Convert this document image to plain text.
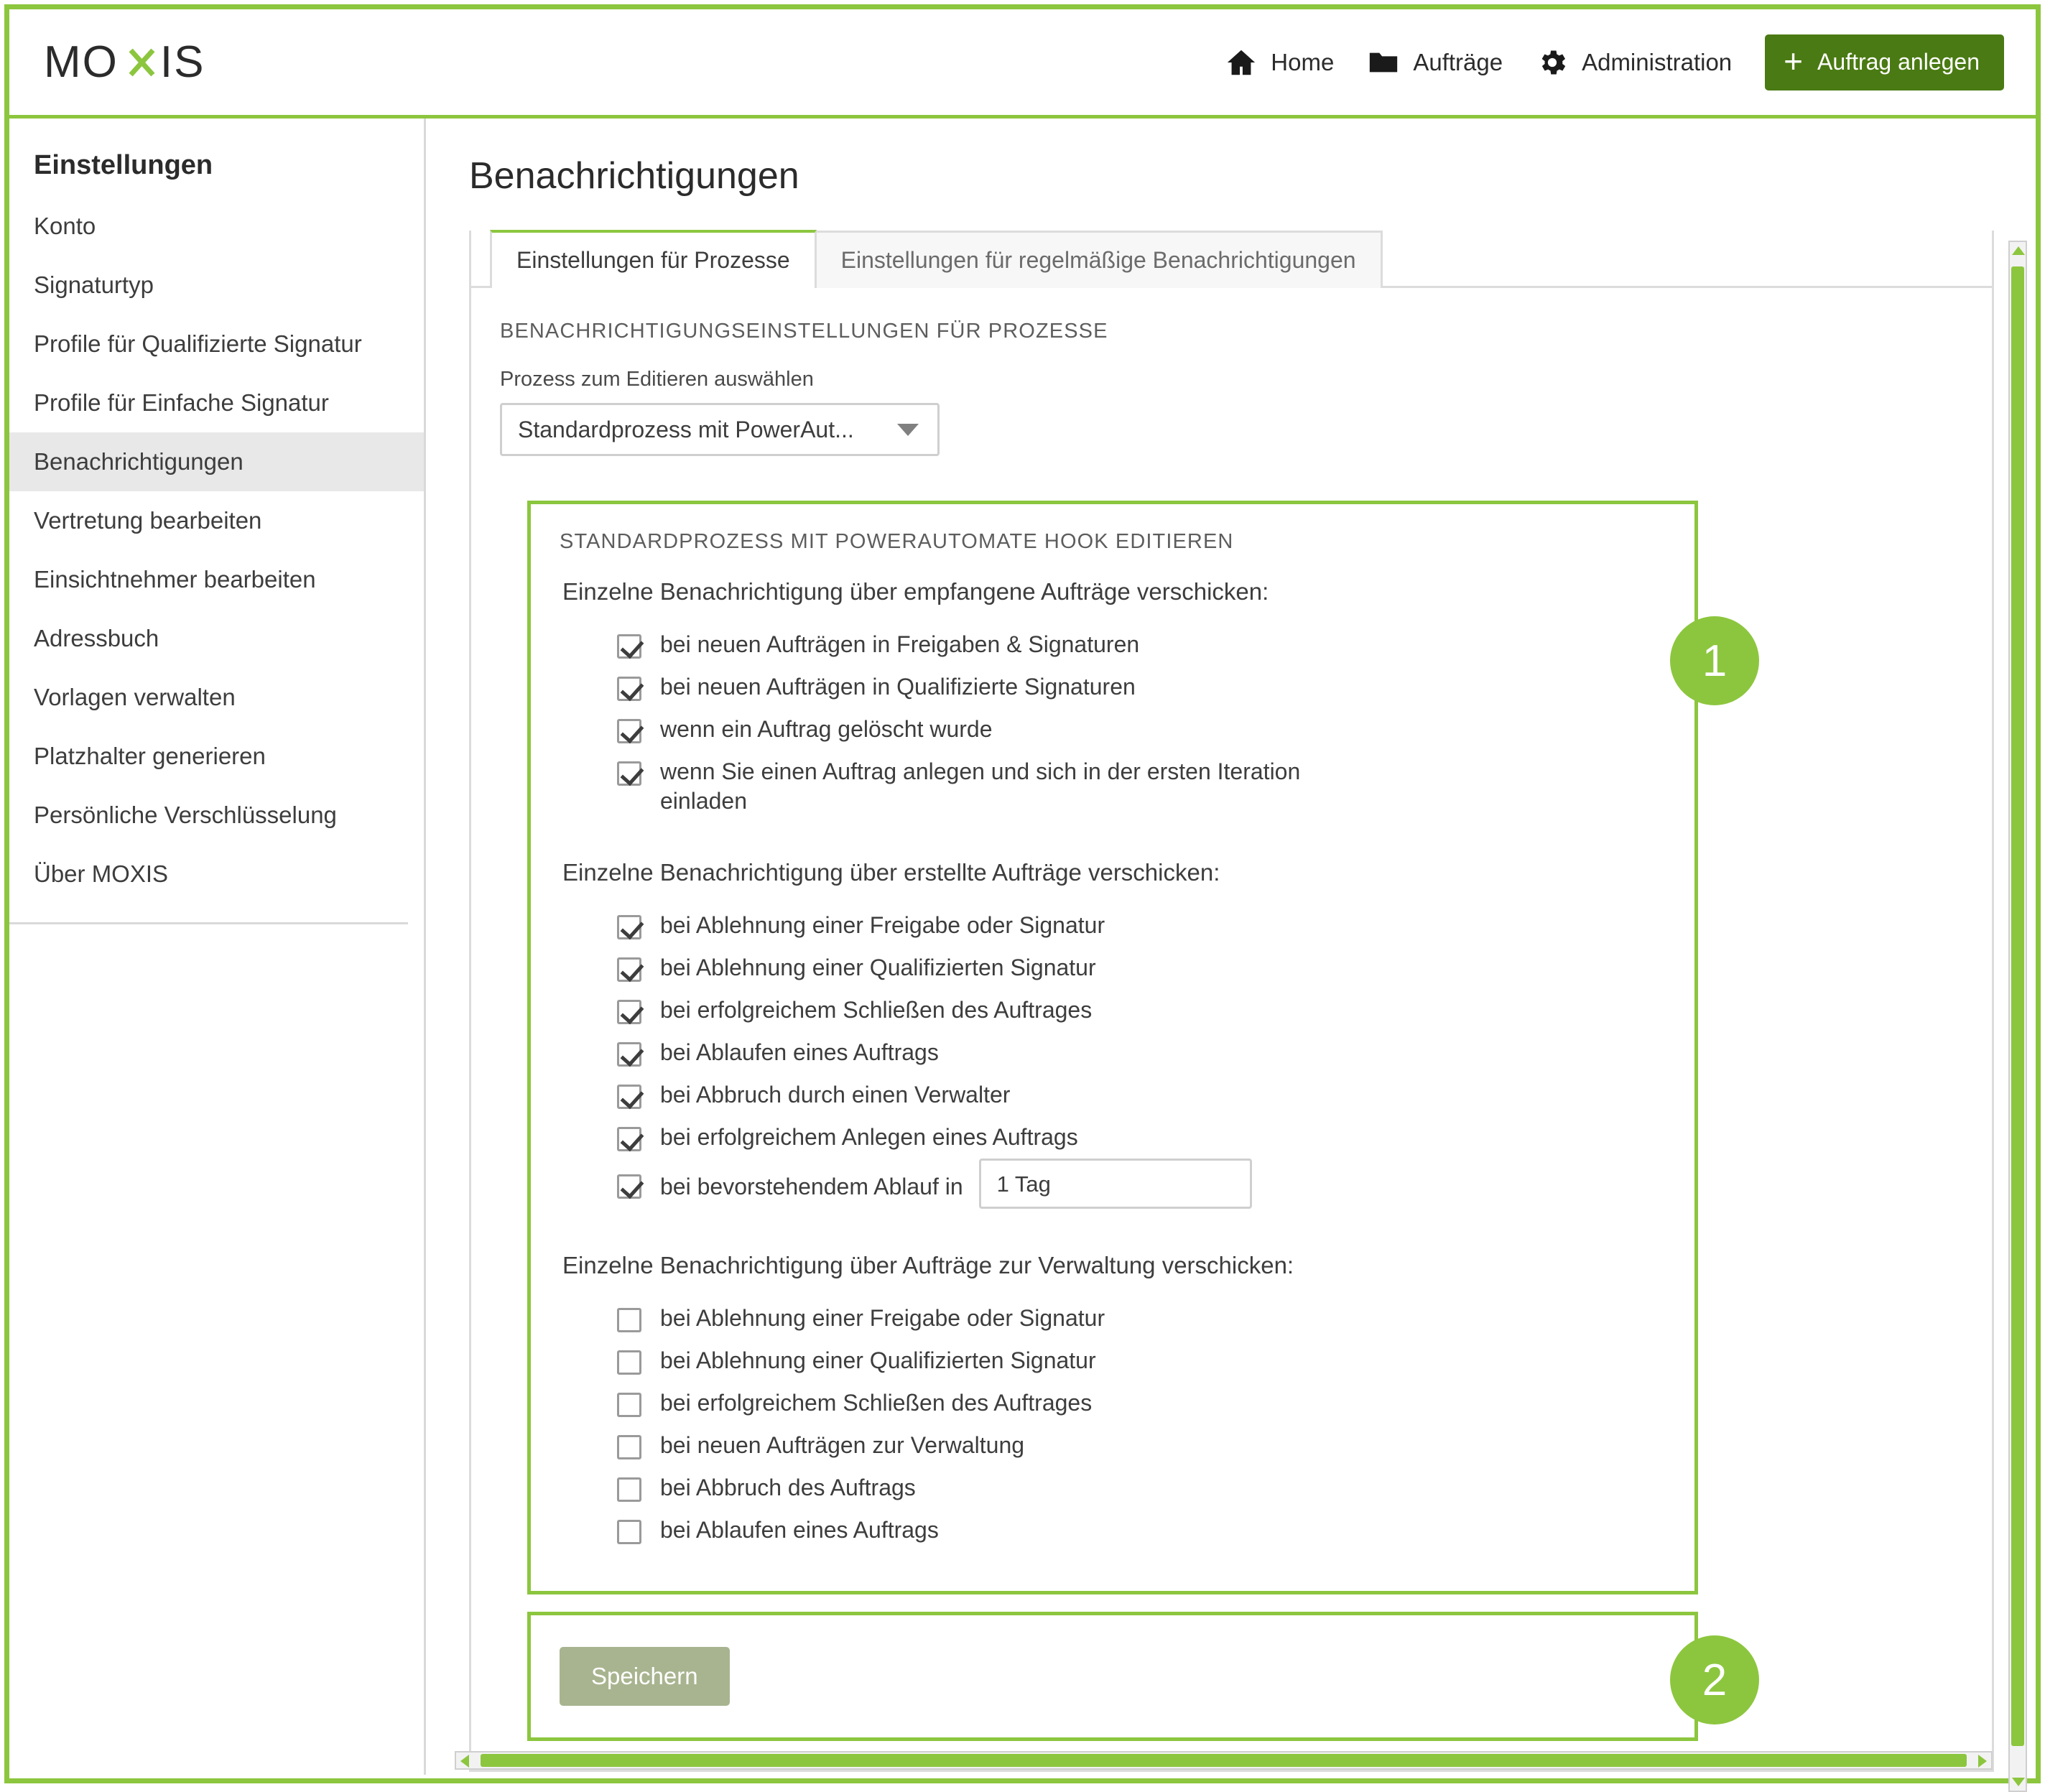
MO IS	Home	Aufträge	Administration + Auftrag anlegen
Einstellungen
Konto
Signaturtyp
Profile für Qualifizierte Signatur
Profile für Einfache Signatur
Benachrichtigungen
Vertretung bearbeiten
Einsichtnehmer bearbeiten
Adressbuch
Vorlagen verwalten
Platzhalter generieren
Persönliche Verschlüsselung
Über MOXIS
Benachrichtigungen
Einstellungen für Prozesse	Einstellungen für regelmäßige Benachrichtigungen
BENACHRICHTIGUNGSEINSTELLUNGEN FÜR PROZESSE
Prozess zum Editieren auswählen
Standardprozess mit PowerAut...
1
STANDARDPROZESS MIT POWERAUTOMATE HOOK EDITIEREN
Einzelne Benachrichtigung über empfangene Aufträge verschicken:
bei neuen Aufträgen in Freigaben & Signaturen
bei neuen Aufträgen in Qualifizierte Signaturen
wenn ein Auftrag gelöscht wurde
wenn Sie einen Auftrag anlegen und sich in der ersten Iteration einladen
Einzelne Benachrichtigung über erstellte Aufträge verschicken:
bei Ablehnung einer Freigabe oder Signatur
bei Ablehnung einer Qualifizierten Signatur
bei erfolgreichem Schließen des Auftrages
bei Ablaufen eines Auftrags
bei Abbruch durch einen Verwalter
bei erfolgreichem Anlegen eines Auftrags
bei bevorstehendem Ablauf in 1 Tag
Einzelne Benachrichtigung über Aufträge zur Verwaltung verschicken:
bei Ablehnung einer Freigabe oder Signatur
bei Ablehnung einer Qualifizierten Signatur
bei erfolgreichem Schließen des Auftrages
bei neuen Aufträgen zur Verwaltung
bei Abbruch des Auftrags
bei Ablaufen eines Auftrags
2
Speichern
